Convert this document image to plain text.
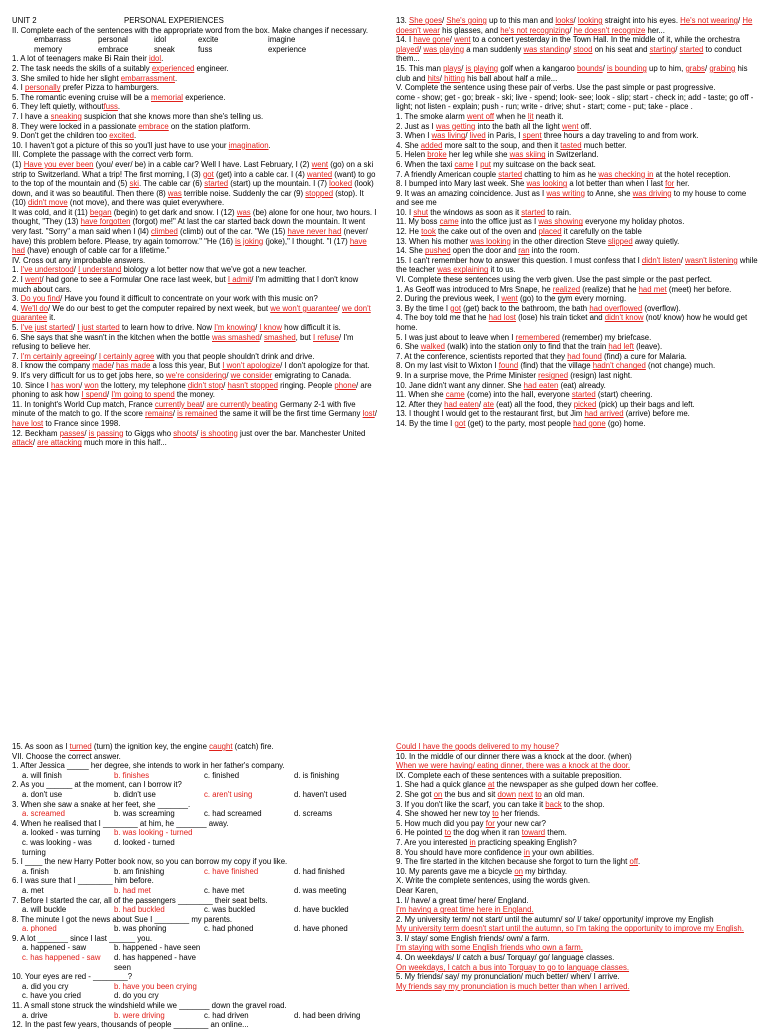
UNIT 2	PERSONAL EXPERIENCES
II. Complete each of the sentences with the appropriate word from the box. Make changes if necessary.
embarrass	personal	idol	excite	imagine
memory	embrace	sneak	fuss	experience
1. A lot of teenagers make Bi Rain their idol.
2. The task needs the skills of a suitably experienced engineer.
3. She smiled to hide her slight embarrassment.
4. I personally prefer Pizza to hamburgers.
5. The romantic evening cruise will be a memorial experience.
6. They left quietly, withoutfuss.
7. I have a sneaking suspicion that she knows more than she's telling us.
8. They were locked in a passionate embrace on the station platform.
9. Don't get the children too excited.
10. I haven't got a picture of this so you'll just have to use your imagination.
III. Complete the passage with the correct verb form.
(1) Have you ever been (you/ ever/ be) in a cable car? Well I have. Last February, I (2) went (go) on a ski strip to Switzerland. What a trip! The first morning, I (3) got (get) into a cable car. I (4) wanted (want) to go to the top of the mountain and (5) ski. The cable car (6) started (start) up the mountain. I (7) looked (look) down, and it was so beautiful. Then there (8) was terrible noise. Suddenly the car (9) stopped (stop). It (10) didn't move (not move), and there was quiet everywhere.
It was cold, and it (11) began (begin) to get dark and snow. I (12) was (be) alone for one hour, two hours. I thought, "They (13) have forgotten (forgot) me!" At last the car started back down the mountain. It went very fast. "Sorry" a man said when I (l4) climbed (climb) out of the car. "We (15) have never had (never/ have) this problem before. Please, try again tomorrow." "He (16) is joking (joke)," I thought. "I (17) have had (have) enough of cable car for a lifetime."
IV. Cross out any improbable answers.
1. I've understood/ I understand biology a lot better now that we've got a new teacher.
2. I went/ had gone to see a Formular One race last week, but I admit/ I'm admitting that I don't know much about cars.
3. Do you find/ Have you found it difficult to concentrate on your work with this music on?
4. We'll do/ We do our best to get the computer repaired by next week, but we won't guarantee/ we don't guarantee it.
5. I've just started/ I just started to learn how to drive. Now I'm knowing/ I know how difficult it is.
6. She says that she wasn't in the kitchen when the bottle was smashed/ smashed, but I refuse/ I'm refusing to believe her.
7. I'm certainly agreeing/ I certainly agree with you that people shouldn't drink and drive.
8. I know the company made/ has made a loss this year, But I won't apologize/ I don't apologize for that.
9. It's very difficult for us to get jobs here, so we're considering/ we consider emigrating to Canada.
10. Since I has won/ won the lottery, my telephone didn't stop/ hasn't stopped ringing. People phone/ are phoning to ask how I spend/ I'm going to spend the money.
11. In tonight's World Cup match, France currently beat/ are currently beating Germany 2-1 with five minute of the match to go. If the score remains/ is remained the same it will be the first time Germany lost/ have lost to France since 1998.
12. Beckham passes/ is passing to Giggs who shoots/ is shooting just over the bar. Manchester United attack/ are attacking much more in this half...
13. She goes/ She's going up to this man and looks/ looking straight into his eyes. He's not wearing/ He doesn't wear his glasses, and he's not recognizing/ he doesn't recognize her...
14. I have gone/ went to a concert yesterday in the Town Hall. In the middle of it, while the orchestra played/ was playing a man suddenly was standing/ stood on his seat and starting/ started to conduct them...
15. This man plays/ is playing golf when a kangaroo bounds/ is bounding up to him, grabs/ grabing his club and hits/ hitting his ball about half a mile...
V. Complete the sentence using these pair of verbs. Use the past simple or past progressive.
come - show; get - go; break - ski; live - spend; look- see; look - slip; start - check in; add - taste; go off - light; not listen - explain; push - run; write - drive; shut - start; come - put; take - place .
1. The smoke alarm went off when he lit neath it.
2. Just as I was getting into the bath all the light went off.
3. When I was living/ lived in Paris, I spent three hours a day traveling to and from work.
4. She added more salt to the soup, and then it tasted much better.
5. Helen broke her leg while she was skiing in Switzerland.
6. When the taxi came I put my suitcase on the back seat.
7. A friendly American couple started chatting to him as he was checking in at the hotel reception.
8. I bumped into Mary last week. She was looking a lot better than when I last for her.
9. It was an amazing coincidence. Just as I was writing to Anne, she was driving to my house to come and see me
10. I shut the windows as soon as it started to rain.
11. My boss came into the office just as I was showing everyone my holiday photos.
12. He took the cake out of the oven and placed it carefully on the table
13. When his mother was looking in the other direction Steve slipped away quietly.
14. She pushed open the door and ran into the room.
15. I can't remember how to answer this question. I must confess that I didn't listen/ wasn't listening while the teacher was explaining it to us.
VI. Complete these sentences using the verb given. Use the past simple or the past perfect.
1. As Geoff was introduced to Mrs Snape, he realized (realize) that he had met (meet) her before.
2. During the previous week, I went (go) to the gym every morning.
3. By the time I got (get) back to the bathroom, the bath had overflowed (overflow).
4. The boy told me that he had lost (lose) his train ticket and didn't know (not/ know) how he would get home.
5. I was just about to leave when I remembered (remember) my briefcase.
6. She walked (walk) into the station only to find that the train had left (leave).
7. At the conference, scientists reported that they had found (find) a cure for Malaria.
8. On my last visit to Wixton I found (find) that the village hadn't changed (not change) much.
9. In a surprise move, the Prime Minister resigned (resign) last night.
10. Jane didn't want any dinner. She had eaten (eat) already.
11. When she came (come) into the hall, everyone started (start) cheering.
12. After they had eaten/ ate (eat) all the food, they picked (pick) up their bags and left.
13. I thought I would get to the restaurant first, but Jim had arrived (arrive) before me.
14. By the time I got (get) to the party, most people had gone (go) home.
15. As soon as I turned (turn) the ignition key, the engine caught (catch) fire.
VII. Choose the correct answer.
1. After Jessica _____ her degree, she intends to work in her father's company.
a. will finish	b. finishes	c. finished	d. is finishing
2. As you ______ at the moment, can I borrow it?
a. don't use	b. didn't use	c. aren't using	d. haven't used
3. When she saw a snake at her feet, she _______.
a. screamed	b. was screaming	c. had screamed	d. screams
4. When he realised that I ________ at him, he _______ away.
a. looked - was turning	b. was looking - turned
c. was looking - was turning
d. looked - turned
5. I ____ the new Harry Potter book now, so you can borrow my copy if you like.
a. finish	b. am finishing	c. have finished	d. had finished
6. I was sure that I ________ him before.
a. met	b. had met	c. have met	d. was meeting
7. Before I started the car, all of the passengers ________ their seat belts.
a. will buckle	b. had buckled	c. was buckled	d. have buckled
8. The minute I got the news about Sue I ________ my parents.
a. phoned	b. was phoning	c. had phoned	d. have phoned
9. A lot _______ since I last ______ you.
a. happened - saw	b. happened - have seen
c. has happened - saw	d. has happened - have seen
10. Your eyes are red - ________?
a. did you cry	b. have you been crying
c. have you cried	d. do you cry
11. A small stone struck the windshield while we _______ down the gravel road.
a. drive	b. were driving	c. had driven	d. had been driving
12. In the past few years, thousands of people ________ an online...
Could I have the goods delivered to my house?
10. In the middle of our dinner there was a knock at the door. (when)
When we were having/ eating dinner, there was a knock at the door.
IX. Complete each of these sentences with a suitable preposition.
1. She had a quick glance at the newspaper as she gulped down her coffee.
2. She got on the bus and sit down next to an old man.
3. If you don't like the scarf, you can take it back to the shop.
4. She showed her new toy to her friends.
5. How much did you pay for your new car?
6. He pointed to the dog when it ran toward them.
7. Are you interested in practicing speaking English?
8. You should have more confidence in your own abilities.
9. The fire started in the kitchen because she forgot to turn the light off.
10. My parents gave me a bicycle on my birthday.
X. Write the complete sentences, using the words given.
Dear Karen,
1. I/ have/ a great time/ here/ England.
I'm having a great time here in England.
2. My university term/ not start/ until the autumn/ so/ I/ take/ opportunity/ improve my English
My university term doesn't start until the autumn, so I'm taking the opportunity to improve my English.
3. I/ stay/ some English friends/ own/ a farm.
I'm staying with some English friends who own a farm.
4. On weekdays/ I/ catch a bus/ Torquay/ go/ language classes.
On weekdays, I catch a bus into Torquay to go to language classes.
5. My friends/ say/ my pronunciation/ much better/ when/ I arrive.
My friends say my pronunciation is much better than when I arrived.
